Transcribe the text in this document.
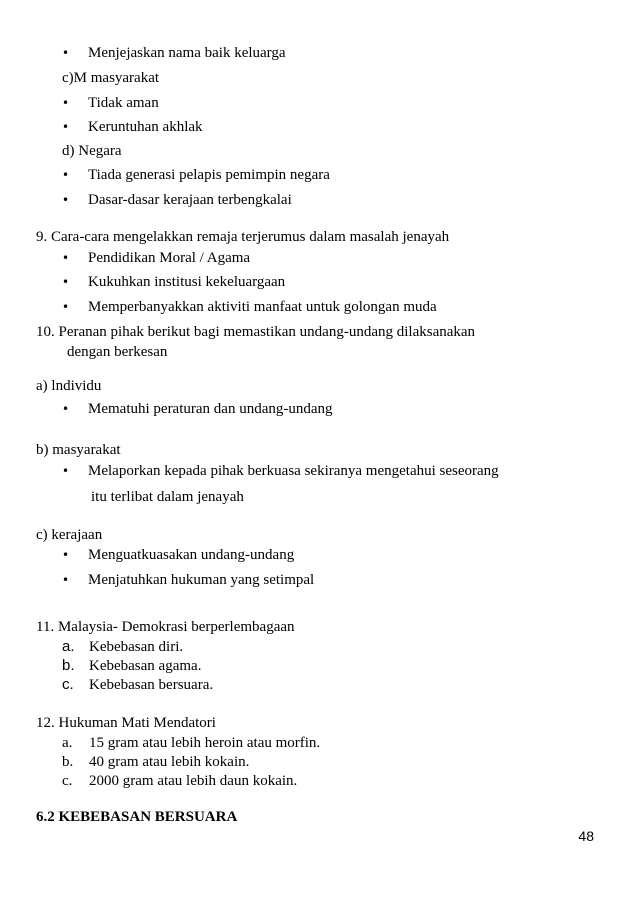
• Menjejaskan nama baik keluarga
c)M masyarakat
• Tidak aman
• Keruntuhan akhlak
d) Negara
• Tiada generasi pelapis pemimpin negara
• Dasar-dasar kerajaan terbengkalai
9. Cara-cara mengelakkan remaja terjerumus dalam masalah jenayah
• Pendidikan Moral / Agama
• Kukuhkan institusi kekeluargaan
• Memperbanyakkan aktiviti manfaat untuk golongan muda
10. Peranan pihak berikut bagi memastikan undang-undang dilaksanakan
dengan berkesan
a) lndividu
• Mematuhi peraturan dan undang-undang
b) masyarakat
• Melaporkan kepada pihak berkuasa sekiranya mengetahui seseorang
itu terlibat dalam jenayah
c) kerajaan
• Menguatkuasakan undang-undang
• Menjatuhkan hukuman yang setimpal
11. Malaysia- Demokrasi berperlembagaan
a. Kebebasan diri.
b. Kebebasan agama.
c. Kebebasan bersuara.
12. Hukuman Mati Mendatori
a. 15 gram atau lebih heroin atau morfin.
b. 40 gram atau lebih kokain.
c. 2000 gram atau lebih daun kokain.
6.2 KEBEBASAN BERSUARA
48
